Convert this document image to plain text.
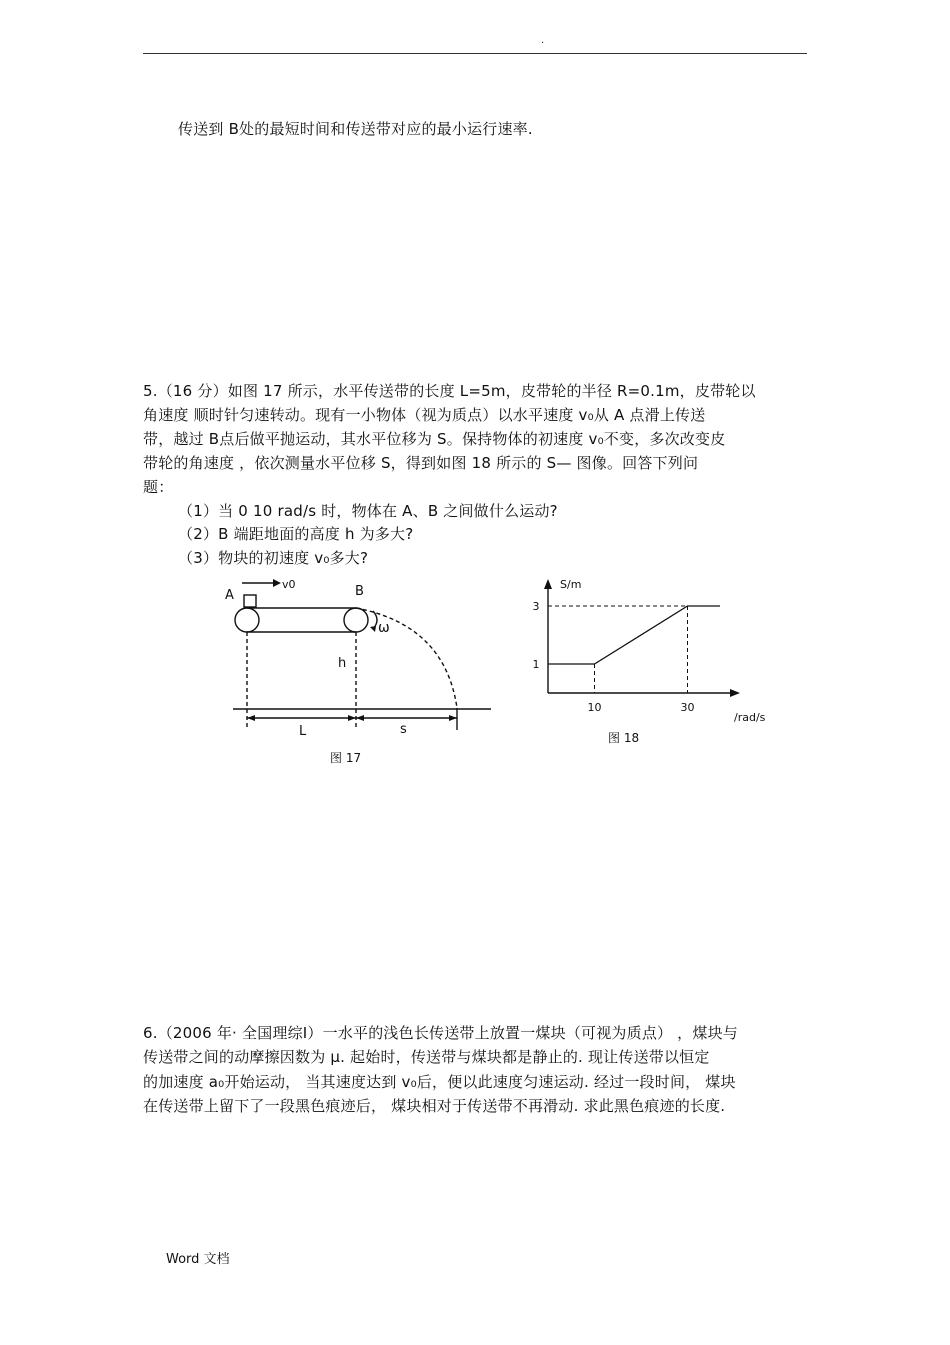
.
传送到 B处的最短时间和传送带对应的最小运行速率.
5.（16 分）如图 17 所示，水平传送带的长度 L=5m，皮带轮的半径 R=0.1m，皮带轮以
角速度 顺时针匀速转动。现有一小物体（视为质点）以水平速度 v₀从 A 点滑上传送
带，越过 B点后做平抛运动，其水平位移为 S。保持物体的初速度 v₀不变，多次改变皮
带轮的角速度 ，依次测量水平位移 S，得到如图 18 所示的 S— 图像。回答下列问
题：
（1）当 0 10 rad/s 时，物体在 A、B 之间做什么运动?
（2）B 端距地面的高度 h 为多大?
（3）物块的初速度 v₀多大?
A
v0	B
ω
h
L	s
图 17
10	30
1
3
S/m
/rad/s
图 18
6.（2006 年· 全国理综Ⅰ）一水平的浅色长传送带上放置一煤块（可视为质点） ，煤块与
传送带之间的动摩擦因数为 μ. 起始时，传送带与煤块都是静止的. 现让传送带以恒定
的加速度 a₀开始运动， 当其速度达到 v₀后，便以此速度匀速运动. 经过一段时间， 煤块
在传送带上留下了一段黑色痕迹后， 煤块相对于传送带不再滑动. 求此黑色痕迹的长度.
Word 文档
